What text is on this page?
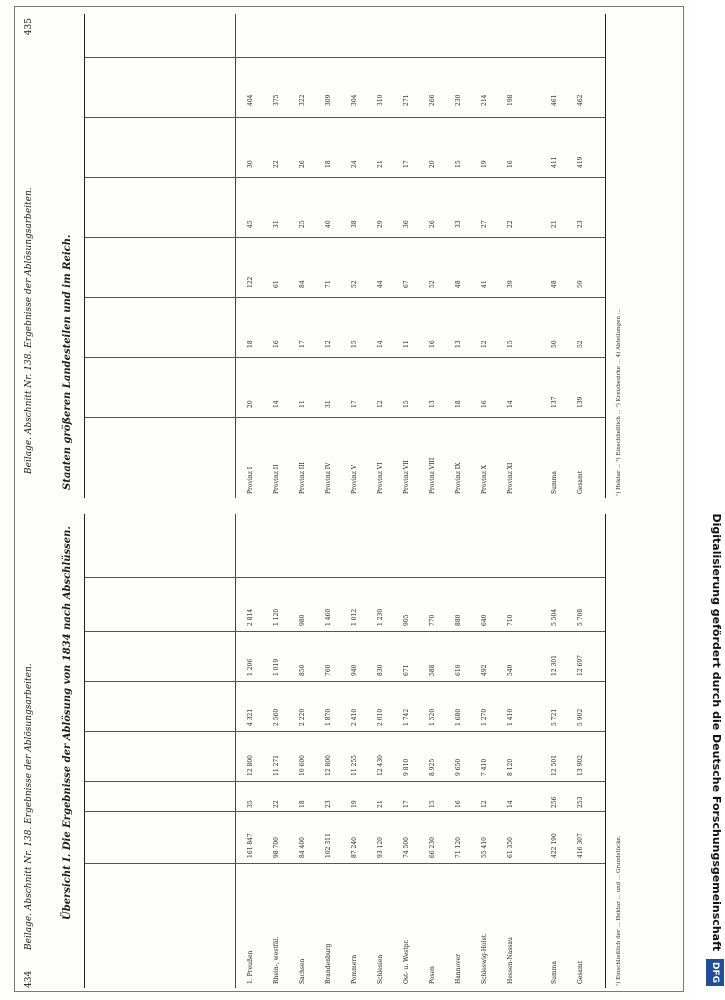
434
Beilage. Abschnitt Nr. 138. Ergebnisse der Ablösungsarbeiten.
Beilage. Abschnitt Nr. 138. Ergebnisse der Ablösungsarbeiten.
435
Übersicht I. Die Ergebnisse der Ablösung von 1834 nach Abschlüssen.
Staaten größeren Landesteilen und im Reich.
1. Preußen
161 847
35
12 800
4 321
1 206
2 814
Rhein-, westfäl.
98 700
22
11 271
2 560
1 019
1 120
Sachsen
84 400
18
10 600
2 220
850
980
Brandenburg
102 311
23
12 800
1 870
760
1 460
Pommern
87 240
19
11 255
2 410
940
1 012
Schlesien
93 120
21
12 430
2 010
830
1 230
Ost- u. Westpr.
74 500
17
9 810
1 742
671
905
Posen
66 230
15
8 925
1 520
588
770
Hannover
71 120
16
9 650
1 680
610
880
Schleswig-Holst.
55 410
12
7 410
1 270
492
640
Hessen-Nassau
61 350
14
8 120
1 410
540
710
Summa
422 190
256
12 501
5 721
12 301
5 504
Gesamt
416 307
253
13 902
5 902
12 697
5 708
Provinz I
20
18
122
45
30
404
Provinz II
14
16
61
31
22
375
Provinz III
11
17
84
25
26
322
Provinz IV
31
12
71
40
18
309
Provinz V
17
15
52
38
24
304
Provinz VI
12
14
44
29
21
310
Provinz VII
15
11
67
36
17
271
Provinz VIII
13
16
52
26
20
266
Provinz IX
18
13
48
33
15
230
Provinz X
16
12
41
27
19
214
Provinz XI
14
15
39
22
16
198
Summa
137
50
48
21
411
461
Gesamt
139
52
59
23
419
462
¹) Einschließlich der ... Hektar ... und ... Grundstücke.
¹) Hektar ... ²) Einschließlich ... ³) Kreisbezirke ... 4) Abteilungen ...
Digitalisierung gefördert durch die Deutsche Forschungsgemeinschaft DFG
